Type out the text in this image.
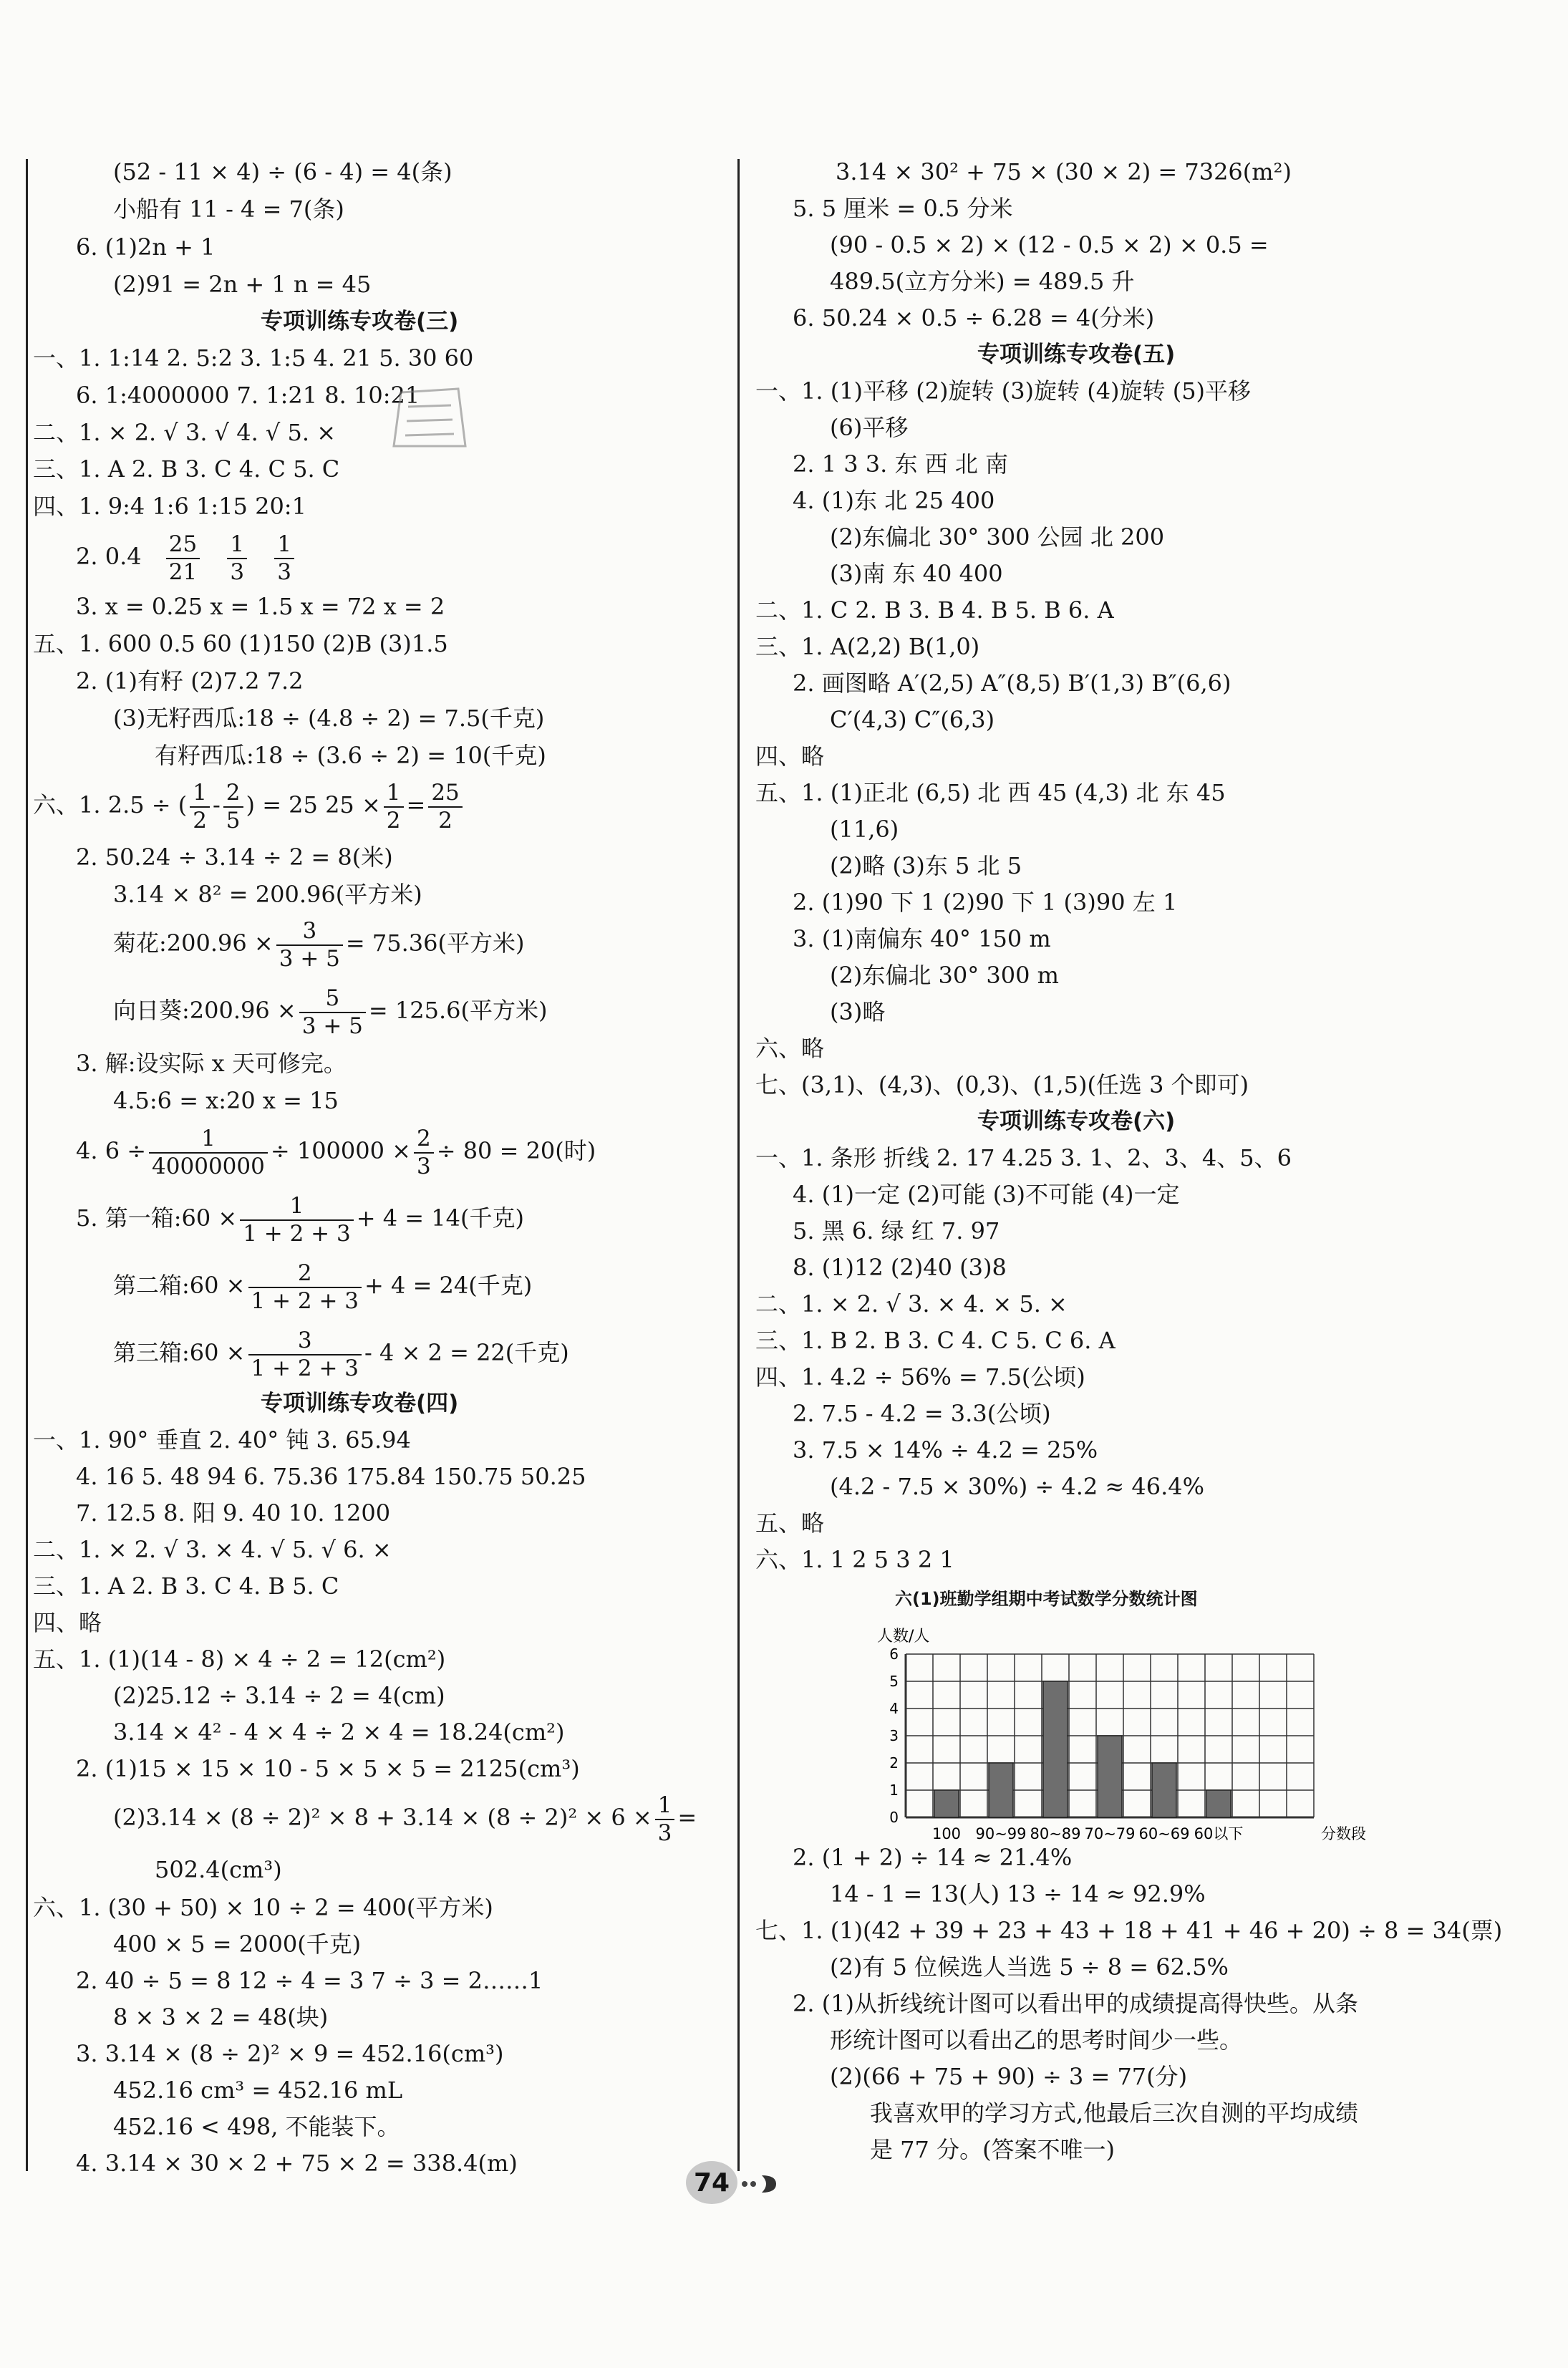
(52 - 11 × 4) ÷ (6 - 4) = 4(条)
小船有 11 - 4 = 7(条)
6. (1)2n + 1
(2)91 = 2n + 1 n = 45
专项训练专攻卷(三)
一、1. 1:14 2. 5:2 3. 1:5 4. 21 5. 30 60
6. 1:4000000 7. 1:21 8. 10:21
二、1. × 2. √ 3. √ 4. √ 5. ×
三、1. A 2. B 3. C 4. C 5. C
四、1. 9:4 1:6 1:15 20:1
2. $0.4 \frac{25}{21}$
$\frac{1}{3}$
$\frac{1}{3}$
3. x = 0.25 x = 1.5 x = 72 x = 2
五、1. 600 0.5 60 (1)150 (2)B (3)1.5
2. (1)有籽 (2)7.2 7.2
(3)无籽西瓜:18 ÷ (4.8 ÷ 2) = 7.5(千克)
有籽西瓜:18 ÷ (3.6 ÷ 2) = 10(千克)
六、1. 2.5 ÷ ( $\frac{1}{2} - \frac{2}{5}$ ) = 25 $25 \times \frac{1}{2} = \frac{25}{2}$
2. 50.24 ÷ 3.14 ÷ 2 = 8(米)
3.14 × 8² = 200.96(平方米)
菊花:200.96 × $\frac{3}{3 + 5} = 75.36$(平方米)
向日葵:200.96 × $\frac{5}{3 + 5} = 125.6$(平方米)
3. 解:设实际 x 天可修完。
4.5:6 = x:20 x = 15
4. $6 \div \frac{1}{40000000} \div 100000 \times \frac{2}{3} \div 80 = 20$(时)
5. 第一箱:60 × $\frac{1}{1 + 2 + 3} + 4 = 14$(千克)
第二箱:60 × $\frac{2}{1 + 2 + 3} + 4 = 24$(千克)
第三箱:60 × $\frac{3}{1 + 2 + 3} - 4 \times 2 = 22$(千克)
专项训练专攻卷(四)
一、1. 90° 垂直 2. 40° 钝 3. 65.94
4. 16 5. 48 94 6. 75.36 175.84 150.75 50.25
7. 12.5 8. 阳 9. 40 10. 1200
二、1. × 2. √ 3. × 4. √ 5. √ 6. ×
三、1. A 2. B 3. C 4. B 5. C
四、略
五、1. (1)(14 - 8) × 4 ÷ 2 = 12(cm²)
(2)25.12 ÷ 3.14 ÷ 2 = 4(cm)
3.14 × 4² - 4 × 4 ÷ 2 × 4 = 18.24(cm²)
2. (1)15 × 15 × 10 - 5 × 5 × 5 = 2125(cm³)
$(2)3.14 \times (8 \div 2)^2 \times 8 + 3.14 \times (8 \div 2)^2 \times 6 \times \frac{1}{3}$ =
502.4(cm³)
六、1. (30 + 50) × 10 ÷ 2 = 400(平方米)
400 × 5 = 2000(千克)
2. 40 ÷ 5 = 8 12 ÷ 4 = 3 7 ÷ 3 = 2……1
8 × 3 × 2 = 48(块)
3. 3.14 × (8 ÷ 2)² × 9 = 452.16(cm³)
452.16 cm³ = 452.16 mL
452.16 < 498, 不能装下。
4. 3.14 × 30 × 2 + 75 × 2 = 338.4(m)
3.14 × 30² + 75 × (30 × 2) = 7326(m²)
5. 5 厘米 = 0.5 分米
(90 - 0.5 × 2) × (12 - 0.5 × 2) × 0.5 =
489.5(立方分米) = 489.5 升
6. 50.24 × 0.5 ÷ 6.28 = 4(分米)
专项训练专攻卷(五)
一、1. (1)平移 (2)旋转 (3)旋转 (4)旋转 (5)平移
(6)平移
2. 1 3 3. 东 西 北 南
4. (1)东 北 25 400
(2)东偏北 30° 300 公园 北 200
(3)南 东 40 400
二、1. C 2. B 3. B 4. B 5. B 6. A
三、1. A(2,2) B(1,0)
2. 画图略 A′(2,5) A″(8,5) B′(1,3) B″(6,6)
C′(4,3) C″(6,3)
四、略
五、1. (1)正北 (6,5) 北 西 45 (4,3) 北 东 45
(11,6)
(2)略 (3)东 5 北 5
2. (1)90 下 1 (2)90 下 1 (3)90 左 1
3. (1)南偏东 40° 150 m
(2)东偏北 30° 300 m
(3)略
六、略
七、(3,1)、(4,3)、(0,3)、(1,5)(任选 3 个即可)
专项训练专攻卷(六)
一、1. 条形 折线 2. 17 4.25 3. 1、2、3、4、5、6
4. (1)一定 (2)可能 (3)不可能 (4)一定
5. 黑 6. 绿 红 7. 97
8. (1)12 (2)40 (3)8
二、1. × 2. √ 3. × 4. × 5. ×
三、1. B 2. B 3. C 4. C 5. C 6. A
四、1. 4.2 ÷ 56% = 7.5(公顷)
2. 7.5 - 4.2 = 3.3(公顷)
3. 7.5 × 14% ÷ 4.2 = 25%
(4.2 - 7.5 × 30%) ÷ 4.2 ≈ 46.4%
五、略
六、1. 1 2 5 3 2 1
六(1)班勤学组期中考试数学分数统计图
人数/人
0
1
2
3
4
5
6
100 90~99 80~89 70~79 60~69 60以下	分数段
2. (1 + 2) ÷ 14 ≈ 21.4%
14 - 1 = 13(人) 13 ÷ 14 ≈ 92.9%
七、1. (1)(42 + 39 + 23 + 43 + 18 + 41 + 46 + 20) ÷ 8 = 34(票)
(2)有 5 位候选人当选 5 ÷ 8 = 62.5%
2. (1)从折线统计图可以看出甲的成绩提高得快些。从条
形统计图可以看出乙的思考时间少一些。
(2)(66 + 75 + 90) ÷ 3 = 77(分)
我喜欢甲的学习方式,他最后三次自测的平均成绩
是 77 分。(答案不唯一)
74
